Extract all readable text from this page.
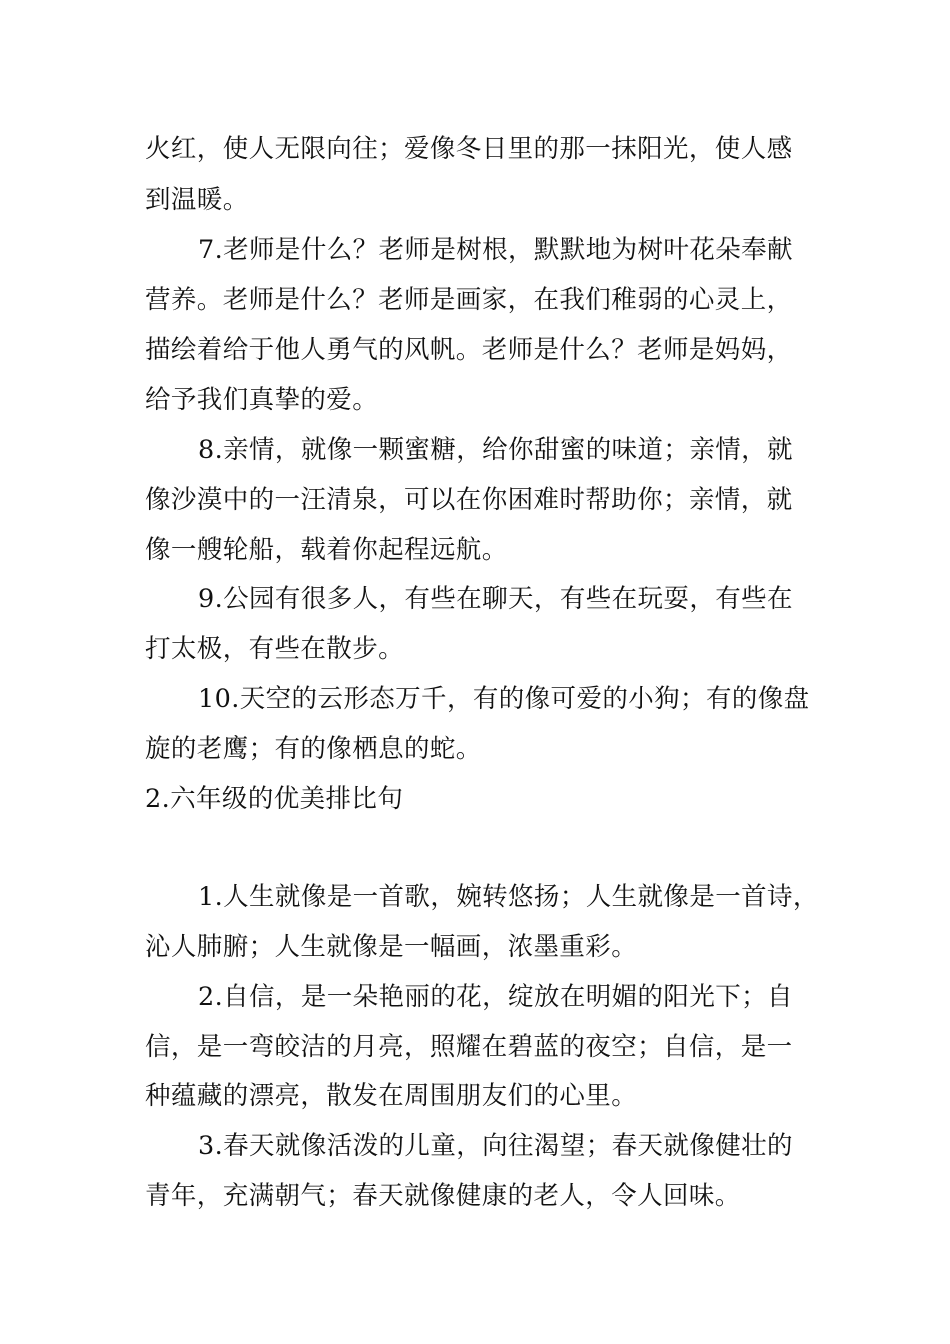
火红，使人无限向往；爱像冬日里的那一抹阳光，使人感
到温暖。
7.老师是什么？老师是树根，默默地为树叶花朵奉献
营养。老师是什么？老师是画家，在我们稚弱的心灵上，
描绘着给于他人勇气的风帆。老师是什么？老师是妈妈，
给予我们真挚的爱。
8.亲情，就像一颗蜜糖，给你甜蜜的味道；亲情，就
像沙漠中的一汪清泉，可以在你困难时帮助你；亲情，就
像一艘轮船，载着你起程远航。
9.公园有很多人，有些在聊天，有些在玩耍，有些在
打太极，有些在散步。
10.天空的云形态万千，有的像可爱的小狗；有的像盘
旋的老鹰；有的像栖息的蛇。
2.六年级的优美排比句
1.人生就像是一首歌，婉转悠扬；人生就像是一首诗，
沁人肺腑；人生就像是一幅画，浓墨重彩。
2.自信，是一朵艳丽的花，绽放在明媚的阳光下；自
信，是一弯皎洁的月亮，照耀在碧蓝的夜空；自信，是一
种蕴藏的漂亮，散发在周围朋友们的心里。
3.春天就像活泼的儿童，向往渴望；春天就像健壮的
青年，充满朝气；春天就像健康的老人，令人回味。
